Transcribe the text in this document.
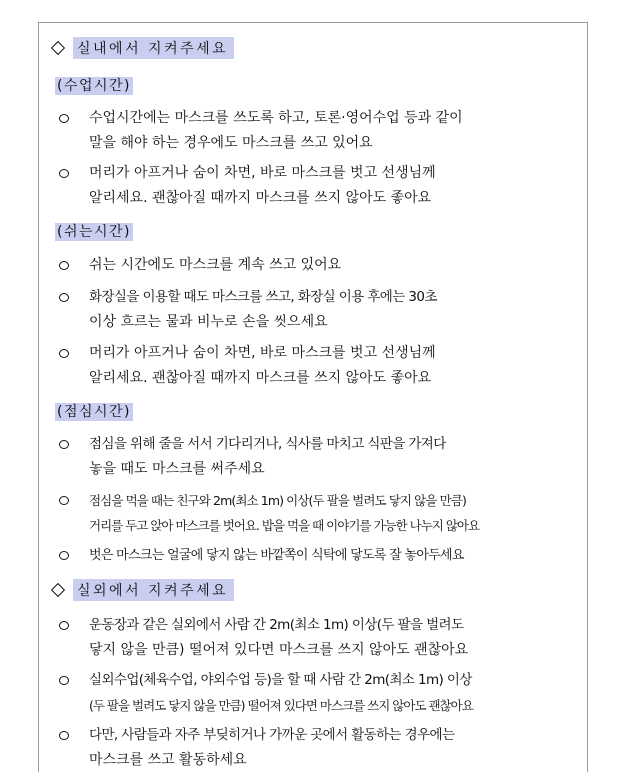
실내에서 지켜주세요
(수업시간)
수업시간에는 마스크를 쓰도록 하고, 토론·영어수업 등과 같이
말을 해야 하는 경우에도 마스크를 쓰고 있어요
머리가 아프거나 숨이 차면, 바로 마스크를 벗고 선생님께
알리세요. 괜찮아질 때까지 마스크를 쓰지 않아도 좋아요
(쉬는시간)
쉬는 시간에도 마스크를 계속 쓰고 있어요
화장실을 이용할 때도 마스크를 쓰고, 화장실 이용 후에는 30초
이상 흐르는 물과 비누로 손을 씻으세요
머리가 아프거나 숨이 차면, 바로 마스크를 벗고 선생님께
알리세요. 괜찮아질 때까지 마스크를 쓰지 않아도 좋아요
(점심시간)
점심을 위해 줄을 서서 기다리거나, 식사를 마치고 식판을 가져다
놓을 때도 마스크를 써주세요
점심을 먹을 때는 친구와 2m(최소 1m) 이상(두 팔을 벌려도 닿지 않을 만큼)
거리를 두고 앉아 마스크를 벗어요. 밥을 먹을 때 이야기를 가능한 나누지 않아요
벗은 마스크는 얼굴에 닿지 않는 바깥쪽이 식탁에 닿도록 잘 놓아두세요
실외에서 지켜주세요
운동장과 같은 실외에서 사람 간 2m(최소 1m) 이상(두 팔을 벌려도
닿지 않을 만큼) 떨어져 있다면 마스크를 쓰지 않아도 괜찮아요
실외수업(체육수업, 야외수업 등)을 할 때 사람 간 2m(최소 1m) 이상
(두 팔을 벌려도 닿지 않을 만큼) 떨어져 있다면 마스크를 쓰지 않아도 괜찮아요
다만, 사람들과 자주 부딪히거나 가까운 곳에서 활동하는 경우에는
마스크를 쓰고 활동하세요
